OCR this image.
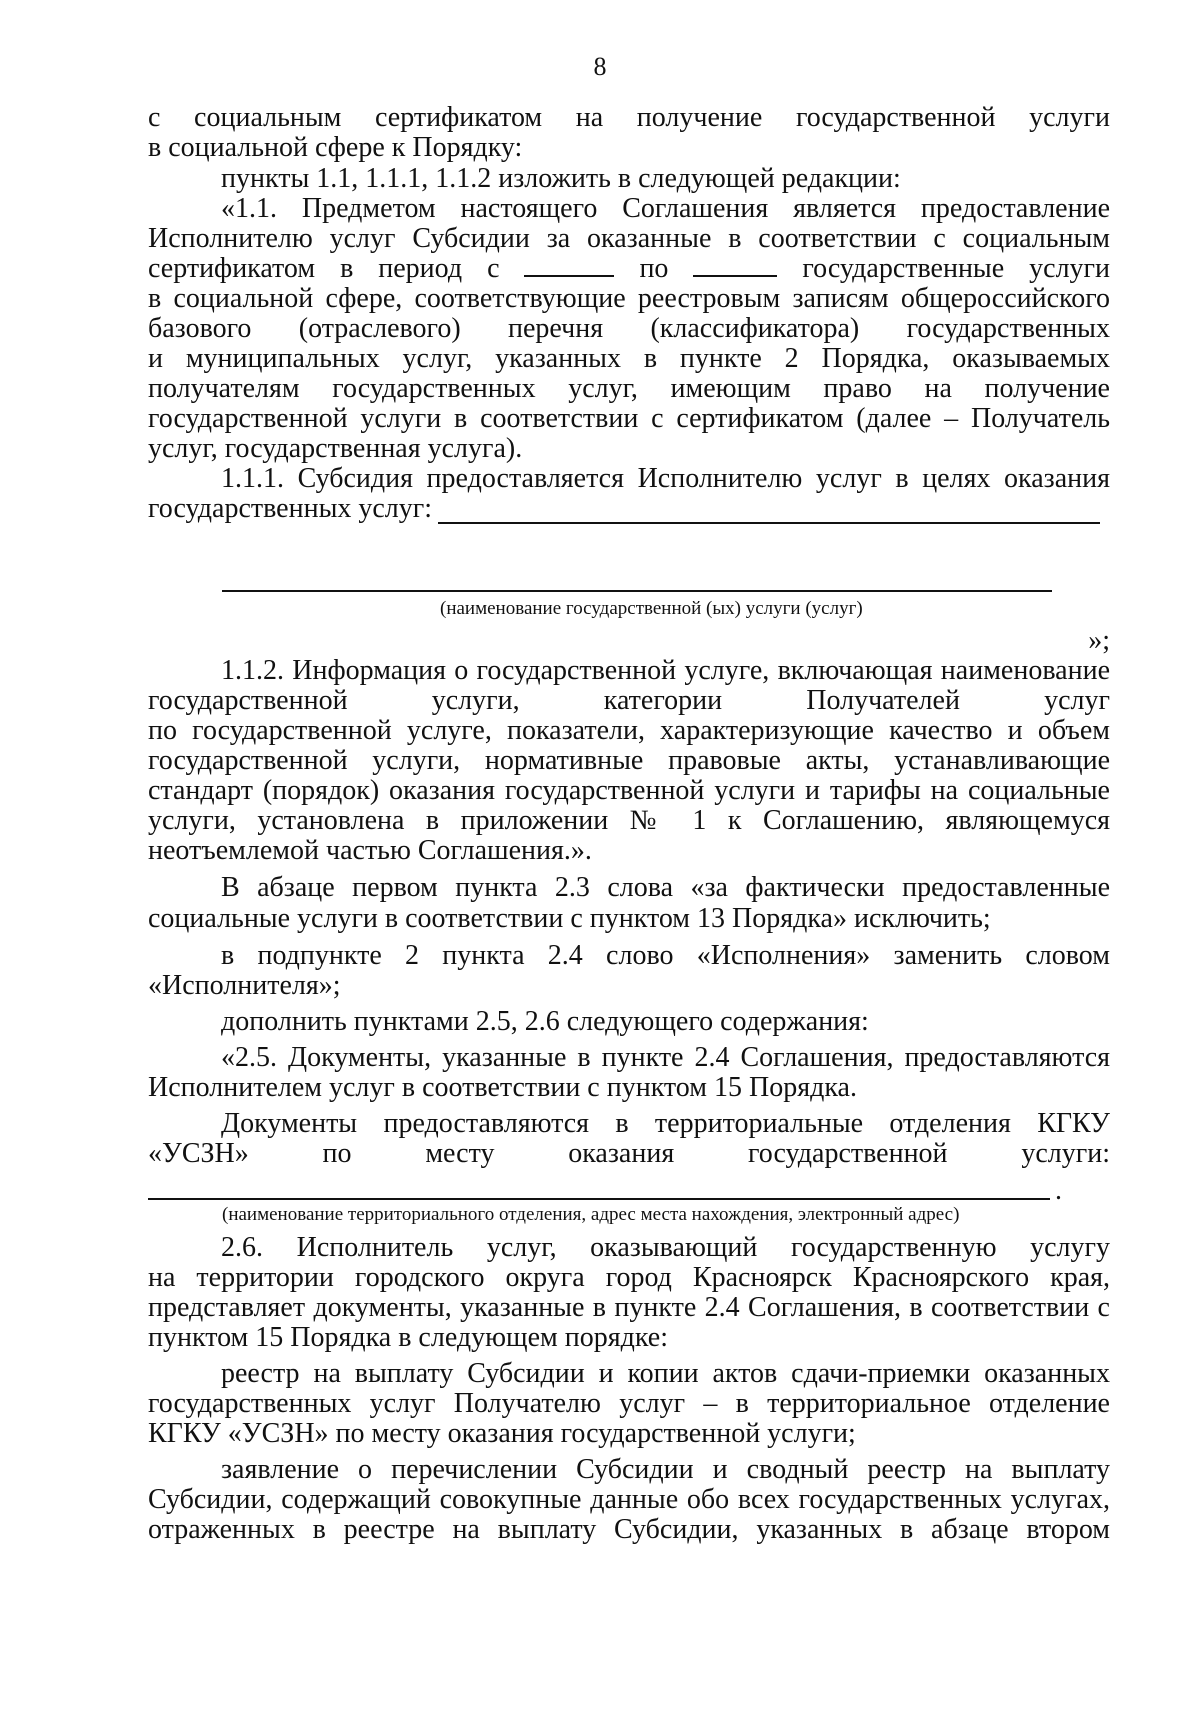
8
с социальным сертификатом на получение государственной услуги
в социальной сфере к Порядку:
пункты 1.1, 1.1.1, 1.1.2 изложить в следующей редакции:
«1.1. Предметом настоящего Соглашения является предоставление
Исполнителю услуг Субсидии за оказанные в соответствии с социальным
сертификатом в период с	по	государственные услуги
в социальной сфере, соответствующие реестровым записям общероссийского
базового (отраслевого) перечня (классификатора) государственных
и муниципальных услуг, указанных в пункте 2 Порядка, оказываемых
получателям государственных услуг, имеющим право на получение
государственной услуги в соответствии с сертификатом (далее – Получатель
услуг, государственная услуга).
1.1.1. Субсидия предоставляется Исполнителю услуг в целях оказания
государственных услуг:
(наименование государственной (ых) услуги (услуг)
»;
1.1.2. Информация о государственной услуге, включающая наименование
государственной услуги, категории Получателей услуг
по государственной услуге, показатели, характеризующие качество и объем
государственной услуги, нормативные правовые акты, устанавливающие
стандарт (порядок) оказания государственной услуги и тарифы на социальные
услуги, установлена в приложении № 1 к Соглашению, являющемуся
неотъемлемой частью Соглашения.».
В абзаце первом пункта 2.3 слова «за фактически предоставленные
социальные услуги в соответствии с пунктом 13 Порядка» исключить;
в подпункте 2 пункта 2.4 слово «Исполнения» заменить словом
«Исполнителя»;
дополнить пунктами 2.5, 2.6 следующего содержания:
«2.5. Документы, указанные в пункте 2.4 Соглашения, предоставляются
Исполнителем услуг в соответствии с пунктом 15 Порядка.
Документы предоставляются в территориальные отделения КГКУ
«УСЗН» по месту оказания государственной услуги:
.
(наименование территориального отделения, адрес места нахождения, электронный адрес)
2.6. Исполнитель услуг, оказывающий государственную услугу
на территории городского округа город Красноярск Красноярского края,
представляет документы, указанные в пункте 2.4 Соглашения, в соответствии с
пунктом 15 Порядка в следующем порядке:
реестр на выплату Субсидии и копии актов сдачи-приемки оказанных
государственных услуг Получателю услуг – в территориальное отделение
КГКУ «УСЗН» по месту оказания государственной услуги;
заявление о перечислении Субсидии и сводный реестр на выплату
Субсидии, содержащий совокупные данные обо всех государственных услугах,
отраженных в реестре на выплату Субсидии, указанных в абзаце втором
